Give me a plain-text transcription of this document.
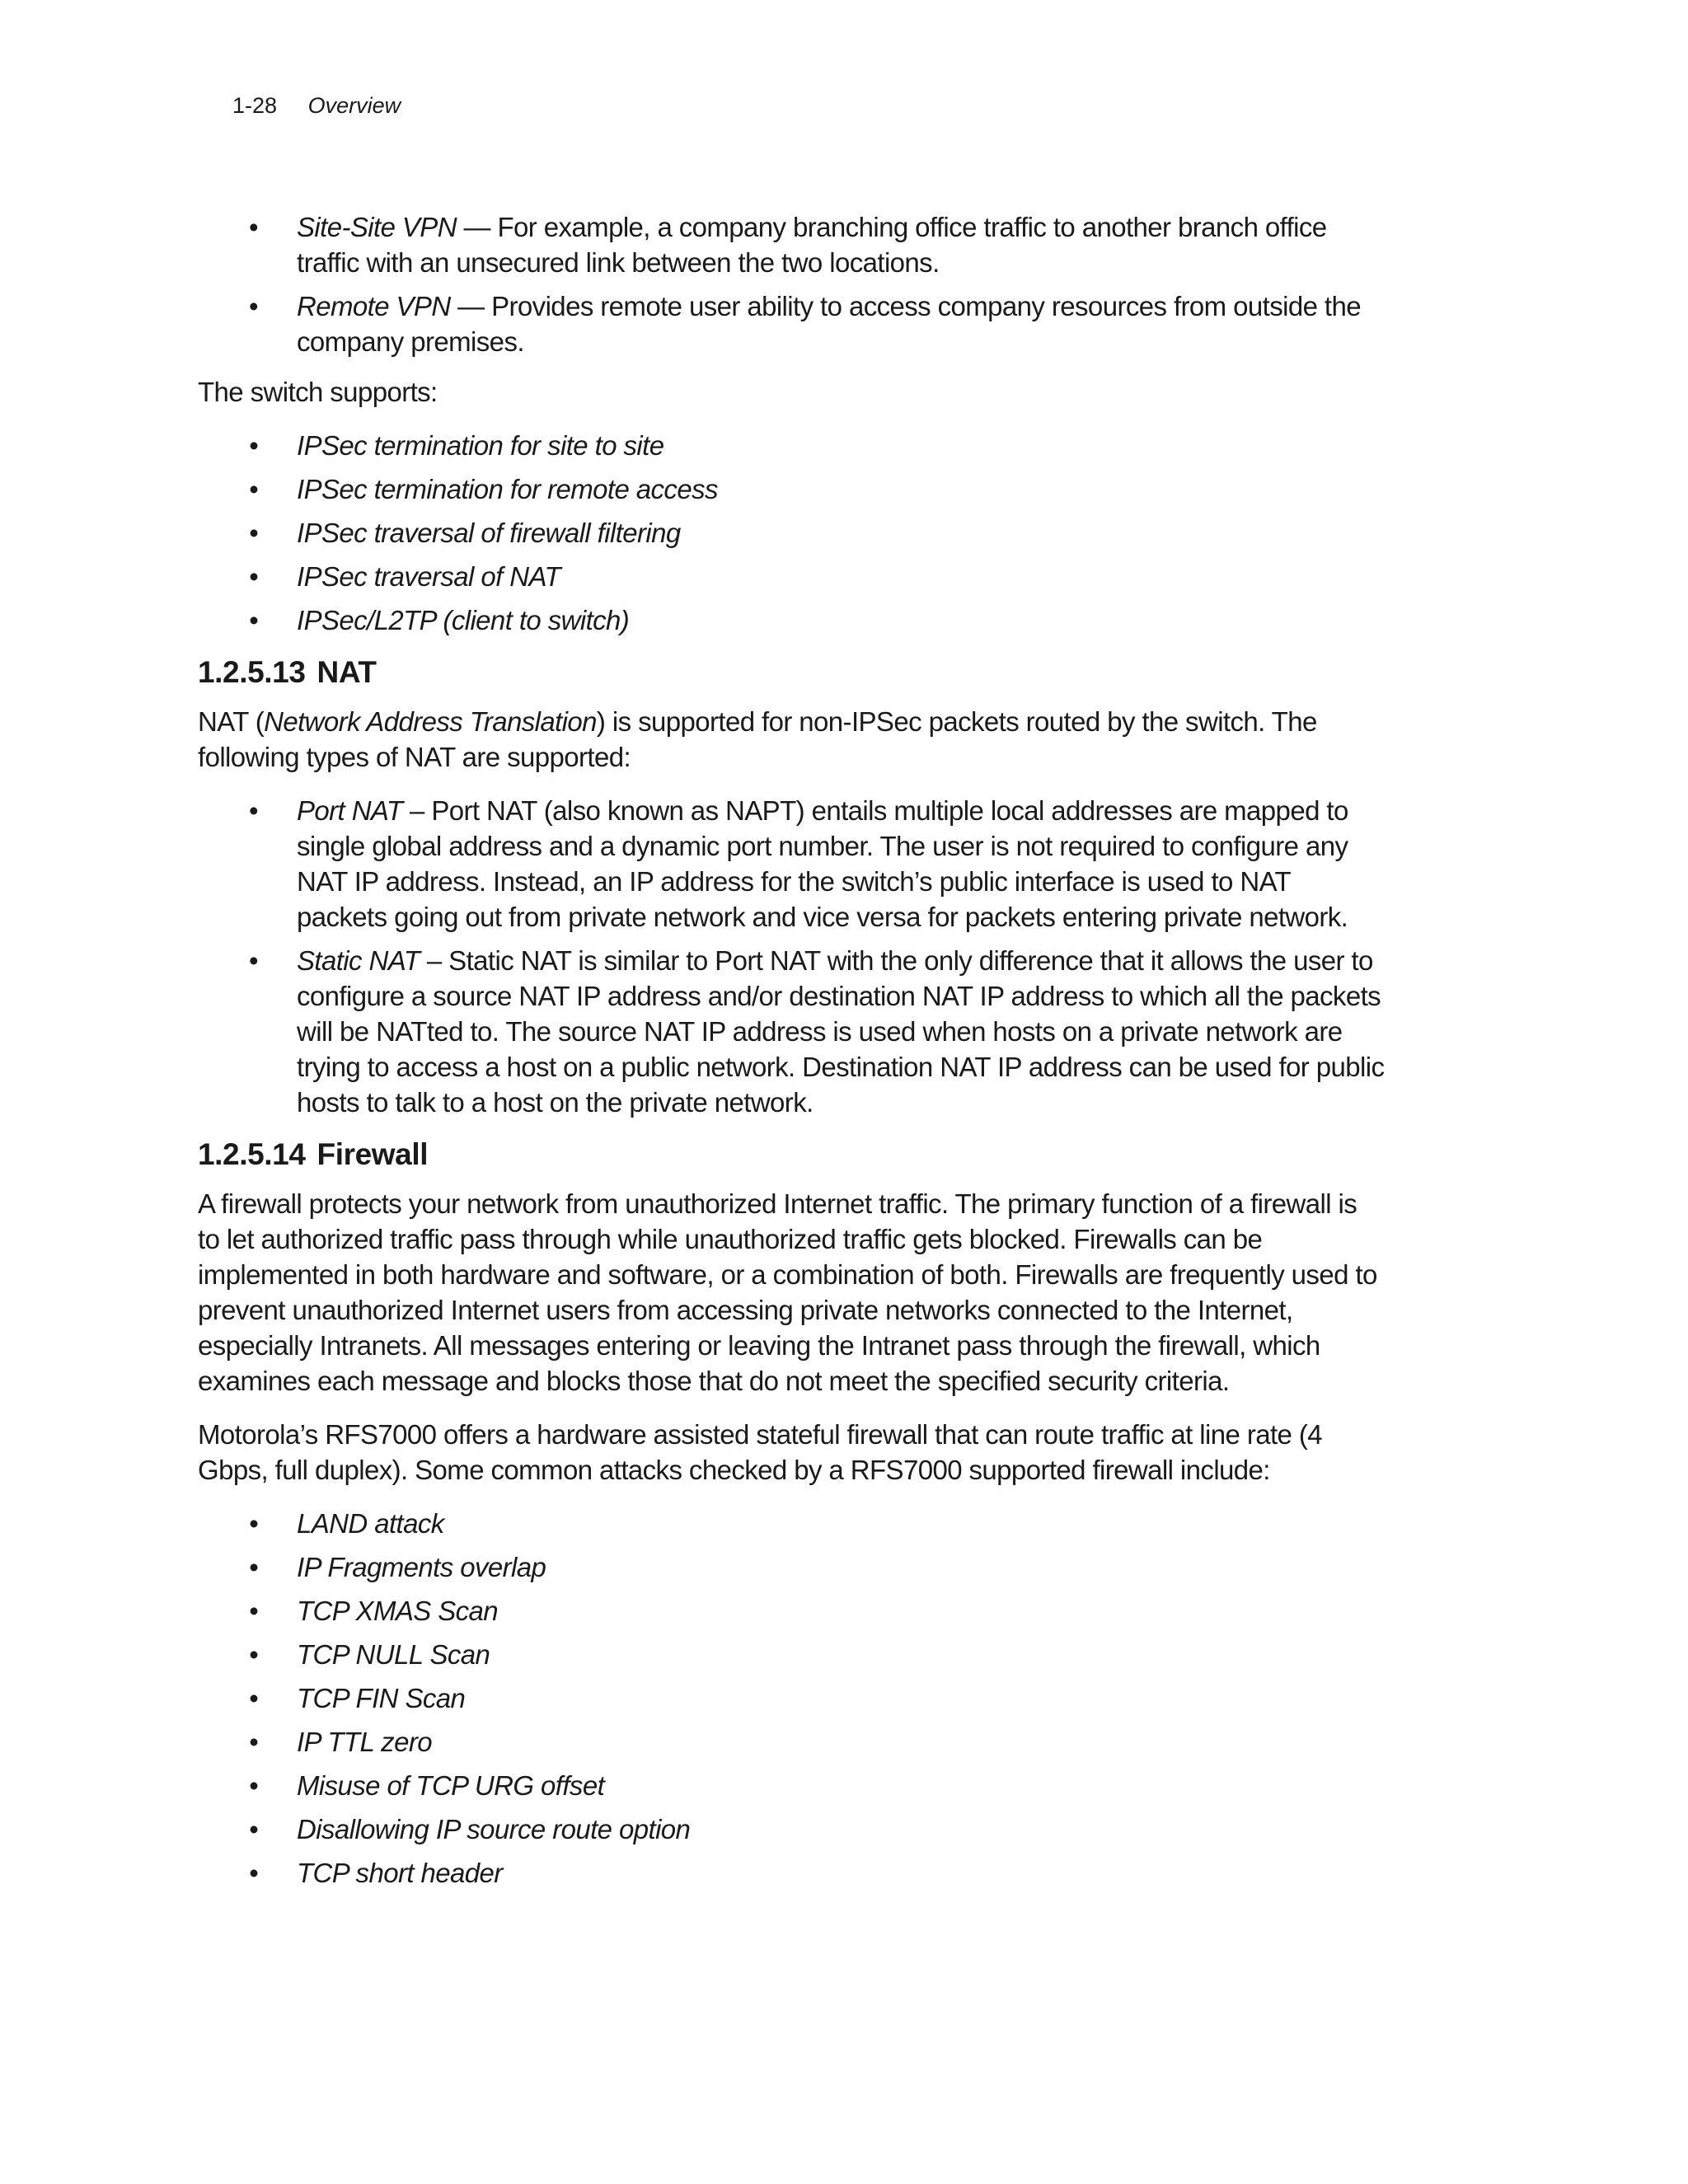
1-28 Overview
• Site-Site VPN — For example, a company branching office traffic to another branch office traffic with an unsecured link between the two locations.
• Remote VPN — Provides remote user ability to access company resources from outside the company premises.

The switch supports:

• IPSec termination for site to site
• IPSec termination for remote access
• IPSec traversal of firewall filtering
• IPSec traversal of NAT
• IPSec/L2TP (client to switch)
1.2.5.13 NAT

NAT (Network Address Translation) is supported for non-IPSec packets routed by the switch. The following types of NAT are supported:

• Port NAT – Port NAT (also known as NAPT) entails multiple local addresses are mapped to single global address and a dynamic port number. The user is not required to configure any NAT IP address. Instead, an IP address for the switch’s public interface is used to NAT packets going out from private network and vice versa for packets entering private network.
• Static NAT – Static NAT is similar to Port NAT with the only difference that it allows the user to configure a source NAT IP address and/or destination NAT IP address to which all the packets will be NATted to. The source NAT IP address is used when hosts on a private network are trying to access a host on a public network. Destination NAT IP address can be used for public hosts to talk to a host on the private network.
1.2.5.14 Firewall

A firewall protects your network from unauthorized Internet traffic. The primary function of a firewall is to let authorized traffic pass through while unauthorized traffic gets blocked. Firewalls can be implemented in both hardware and software, or a combination of both. Firewalls are frequently used to prevent unauthorized Internet users from accessing private networks connected to the Internet, especially Intranets. All messages entering or leaving the Intranet pass through the firewall, which examines each message and blocks those that do not meet the specified security criteria.

Motorola’s RFS7000 offers a hardware assisted stateful firewall that can route traffic at line rate (4 Gbps, full duplex). Some common attacks checked by a RFS7000 supported firewall include:

• LAND attack
• IP Fragments overlap
• TCP XMAS Scan
• TCP NULL Scan
• TCP FIN Scan
• IP TTL zero
• Misuse of TCP URG offset
• Disallowing IP source route option
• TCP short header
